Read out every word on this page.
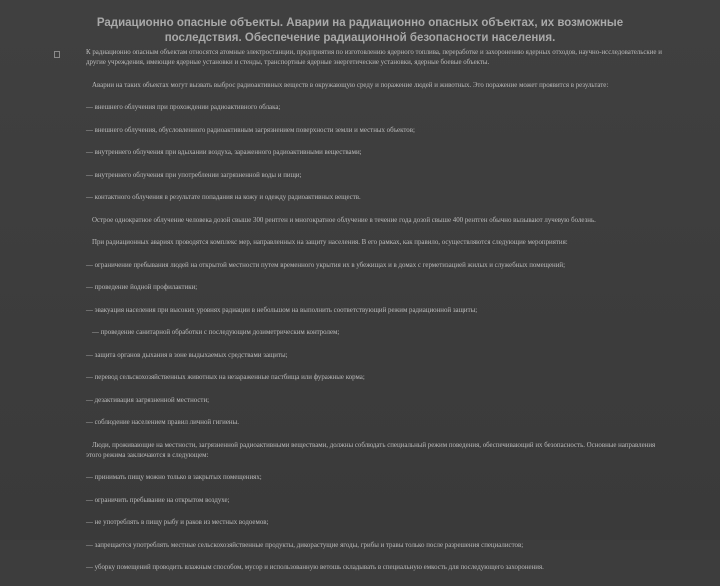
Радиационно опасные объекты. Аварии на радиационно опасных объектах, их возможные последствия. Обеспечение радиационной безопасности населения.
К радиационно опасным объектам относятся атомные электростанции, предприятия по изготовлению ядерного топлива, переработке и захоронению ядерных отходов, научно-исследовательские и другие учреждения, имеющие ядерные установки и стенды, транспортные ядерные энергетические установки, ядерные боевые объекты.
Аварии на таких объектах могут вызвать выброс радиоактивных веществ в окружающую среду и поражение людей и животных. Это поражение может проявится в результате:
— внешнего облучения при прохождении радиоактивного облака;
— внешнего облучения, обусловленного радиоактивным загрязнением поверхности земли и местных объектов;
— внутреннего облучения при вдыхании воздуха, зараженного радиоактивными веществами;
— внутреннего облучения при употреблении загрязненной воды и пищи;
— контактного облучения в результате попадания на кожу и одежду радиоактивных веществ.
Острое однократное облучение человека дозой свыше 300 рентген и многократное облучение в течение года дозой свыше 400 рентген обычно вызывают лучевую болезнь.
При радиационных авариях проводятся комплекс мер, направленных на защиту населения. В его рамках, как правило, осуществляются следующие мероприятия:
— ограничение пребывания людей на открытой местности путем временного укрытия их в убежищах и в домах с герметизацией жилых и служебных помещений;
— проведение йодной профилактики;
— эвакуация населения при высоких уровнях радиации в небольшом на выполнить соответствующий режим радиационной защиты;
— проведение санитарной обработки с последующим дозиметрическим контролем;
— защита органов дыхания в зоне выдыхаемых средствами защиты;
— перевод сельскохозяйственных животных на незараженные пастбища или фуражные корма;
— дезактивация загрязненной местности;
— соблюдение населением правил личной гигиены.
Люди, проживающие на местности, загрязненной радиоактивными веществами, должны соблюдать специальный режим поведения, обеспечивающий их безопасность. Основные направления этого режима заключаются в следующем:
— принимать пищу можно только в закрытых помещениях;
— ограничить пребывание на открытом воздухе;
— не употреблять в пищу рыбу и раков из местных водоемов;
— запрещается употреблять местные сельскохозяйственные продукты, дикорастущие ягоды, грибы и травы только после разрешения специалистов;
— уборку помещений проводить влажным способом, мусор и использованную ветошь складывать в специальную емкость для последующего захоронения.
